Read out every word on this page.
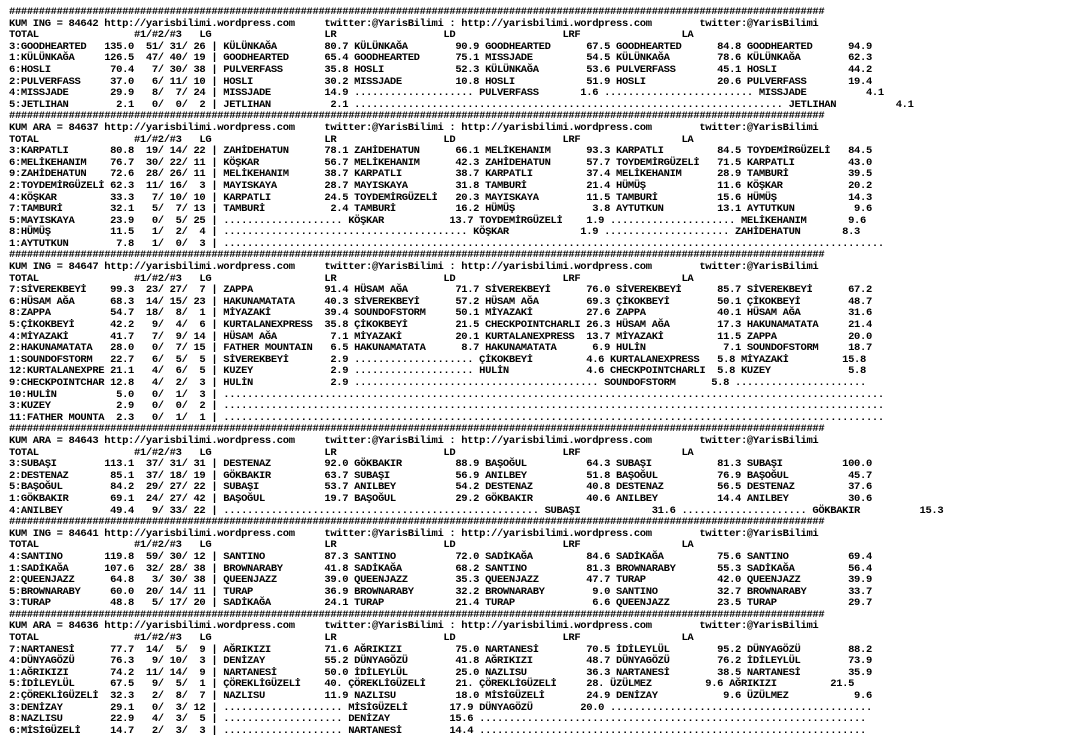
#########################################################################################################################################
KUM ING = 84642 http://yarisbilimi.wordpress.com     twitter:@YarisBilimi : http://yarisbilimi.wordpress.com        twitter:@YarisBilimi
TOTAL                #1/#2/#3   LG                   LR                  LD                  LRF                 LA
3:GOODHEARTED   135.0  51/ 31/ 26 | KÜLÜNKAĞA        80.7 KÜLÜNKAĞA        90.9 GOODHEARTED      67.5 GOODHEARTED      84.8 GOODHEARTED      94.9
1:KÜLÜNKAĞA     126.5  47/ 40/ 19 | GOODHEARTED      65.4 GOODHEARTED      75.1 MISSJADE         54.5 KÜLÜNKAĞA        78.6 KÜLÜNKAĞA        62.3
6:HOSLI          70.4   7/ 30/ 38 | PULVERFASS       35.8 HOSLI            52.3 KÜLÜNKAĞA        53.6 PULVERFASS       45.1 HOSLI            44.2
2:PULVERFASS     37.0   6/ 11/ 10 | HOSLI            30.2 MISSJADE         10.8 HOSLI            51.9 HOSLI            20.6 PULVERFASS       19.4
4:MISSJADE       29.9   8/  7/ 24 | MISSJADE         14.9 .................... PULVERFASS       1.6 ......................... MISSJADE          4.1
5:JETLIHAN        2.1   0/  0/  2 | JETLIHAN          2.1 ........................................................................ JETLIHAN          4.1
#########################################################################################################################################
KUM ARA = 84637 http://yarisbilimi.wordpress.com     twitter:@YarisBilimi : http://yarisbilimi.wordpress.com        twitter:@YarisBilimi
TOTAL                #1/#2/#3   LG                   LR                  LD                  LRF                 LA
3:KARPATLI       80.8  19/ 14/ 22 | ZAHİDEHATUN      78.1 ZAHİDEHATUN      66.1 MELİKEHANIM      93.3 KARPATLI         84.5 TOYDEMİRGÜZELİ   84.5
6:MELİKEHANIM    76.7  30/ 22/ 11 | KÖŞKAR           56.7 MELİKEHANIM      42.3 ZAHİDEHATUN      57.7 TOYDEMİRGÜZELİ   71.5 KARPATLI         43.0
9:ZAHİDEHATUN    72.6  28/ 26/ 11 | MELİKEHANIM      38.7 KARPATLI         38.7 KARPATLI         37.4 MELİKEHANIM      28.9 TAMBURİ          39.5
2:TOYDEMİRGÜZELİ 62.3  11/ 16/  3 | MAYISKAYA        28.7 MAYISKAYA        31.8 TAMBURİ          21.4 HÜMÜŞ            11.6 KÖŞKAR           20.2
4:KÖŞKAR         33.3   7/ 10/ 10 | KARPATLI         24.5 TOYDEMİRGÜZELİ   20.3 MAYISKAYA        11.5 TAMBURİ          15.6 HÜMÜŞ            14.3
7:TAMBURİ        32.1   5/  7/ 13 | TAMBURİ           2.4 TAMBURİ          16.2 HÜMÜŞ             3.8 AYTUTKUN         13.1 AYTUTKUN          9.6
5:MAYISKAYA      23.9   0/  5/ 25 | .................... KÖŞKAR           13.7 TOYDEMİRGÜZELİ    1.9 ..................... MELİKEHANIM       9.6
8:HÜMÜŞ          11.5   1/  2/  4 | ......................................... KÖŞKAR            1.9 ..................... ZAHİDEHATUN       8.3
1:AYTUTKUN        7.8   1/  0/  3 | ...............................................................................................................
#########################################################################################################################################
KUM ING = 84647 http://yarisbilimi.wordpress.com     twitter:@YarisBilimi : http://yarisbilimi.wordpress.com        twitter:@YarisBilimi
TOTAL                #1/#2/#3   LG                   LR                  LD                  LRF                 LA
7:SİVEREKBEYİ    99.3  23/ 27/  7 | ZAPPA            91.4 HÜSAM AĞA        71.7 SİVEREKBEYİ      76.0 SİVEREKBEYİ      85.7 SİVEREKBEYİ      67.2
6:HÜSAM AĞA      68.3  14/ 15/ 23 | HAKUNAMATATA     40.3 SİVEREKBEYİ      57.2 HÜSAM AĞA        69.3 ÇİKOKBEYİ        50.1 ÇİKOKBEYİ        48.7
8:ZAPPA          54.7  18/  8/  1 | MİYAZAKİ         39.4 SOUNDOFSTORM     50.1 MİYAZAKİ         27.6 ZAPPA            40.1 HÜSAM AĞA        31.6
5:ÇİKOKBEYİ      42.2   9/  4/  6 | KURTALANEXPRESS  35.8 ÇİKOKBEYİ        21.5 CHECKPOINTCHARLI 26.3 HÜSAM AĞA        17.3 HAKUNAMATATA     21.4
4:MİYAZAKİ       41.7   7/  9/ 14 | HÜSAM AĞA         7.1 MİYAZAKİ         20.1 KURTALANEXPRESS  13.7 MİYAZAKİ         11.5 ZAPPA            20.0
2:HAKUNAMATATA   28.0   0/  7/ 15 | FATHER MOUNTAIN   6.5 HAKUNAMATATA      8.7 HAKUNAMATATA      6.9 HULİN             7.1 SOUNDOFSTORM     18.7
1:SOUNDOFSTORM   22.7   6/  5/  5 | SİVEREKBEYİ       2.9 .................... ÇİKOKBEYİ         4.6 KURTALANEXPRESS   5.8 MİYAZAKİ         15.8
12:KURTALANEXPRE 21.1   4/  6/  5 | KUZEY             2.9 .................... HULİN             4.6 CHECKPOINTCHARLI  5.8 KUZEY             5.8
9:CHECKPOINTCHAR 12.8   4/  2/  3 | HULİN             2.9 ......................................... SOUNDOFSTORM      5.8 ......................
10:HULİN          5.0   0/  1/  3 | ...............................................................................................................
3:KUZEY           2.9   0/  0/  2 | ...............................................................................................................
11:FATHER MOUNTA  2.3   0/  1/  1 | ...............................................................................................................
#########################################################################################################################################
KUM ARA = 84643 http://yarisbilimi.wordpress.com     twitter:@YarisBilimi : http://yarisbilimi.wordpress.com        twitter:@YarisBilimi
TOTAL                #1/#2/#3   LG                   LR                  LD                  LRF                 LA
3:SUBAŞI        113.1  37/ 31/ 31 | DESTENAZ         92.0 GÖKBAKIR         88.9 BAŞOĞUL          64.3 SUBAŞI           81.3 SUBAŞI          100.0
2:DESTENAZ       85.1  37/ 18/ 19 | GÖKBAKIR         63.7 SUBAŞI           56.9 ANILBEY          51.8 BAŞOĞUL          76.9 BAŞOĞUL          45.7
5:BAŞOĞUL        84.2  29/ 27/ 22 | SUBAŞI           53.7 ANILBEY          54.2 DESTENAZ         40.8 DESTENAZ         56.5 DESTENAZ         37.6
1:GÖKBAKIR       69.1  24/ 27/ 42 | BAŞOĞUL          19.7 BAŞOĞUL          29.2 GÖKBAKIR         40.6 ANILBEY          14.4 ANILBEY          30.6
4:ANILBEY        49.4   9/ 33/ 22 | ..................................................... SUBAŞI            31.6 ..................... GÖKBAKIR          15.3
#########################################################################################################################################
KUM ING = 84641 http://yarisbilimi.wordpress.com     twitter:@YarisBilimi : http://yarisbilimi.wordpress.com        twitter:@YarisBilimi
TOTAL                #1/#2/#3   LG                   LR                  LD                  LRF                 LA
4:SANTINO       119.8  59/ 30/ 12 | SANTINO          87.3 SANTINO          72.0 SADİKAĞA         84.6 SADİKAĞA         75.6 SANTINO          69.4
1:SADİKAĞA      107.6  32/ 28/ 38 | BROWNARABY       41.8 SADİKAĞA         68.2 SANTINO          81.3 BROWNARABY       55.3 SADİKAĞA         56.4
2:QUEENJAZZ      64.8   3/ 30/ 38 | QUEENJAZZ        39.0 QUEENJAZZ        35.3 QUEENJAZZ        47.7 TURAP            42.0 QUEENJAZZ        39.9
5:BROWNARABY     60.0  20/ 14/ 11 | TURAP            36.9 BROWNARABY       32.2 BROWNARABY        9.0 SANTINO          32.7 BROWNARABY       33.7
3:TURAP          48.8   5/ 17/ 20 | SADİKAĞA         24.1 TURAP            21.4 TURAP             6.6 QUEENJAZZ        23.5 TURAP            29.7
#########################################################################################################################################
KUM ARA = 84636 http://yarisbilimi.wordpress.com     twitter:@YarisBilimi : http://yarisbilimi.wordpress.com        twitter:@YarisBilimi
TOTAL                #1/#2/#3   LG                   LR                  LD                  LRF                 LA
7:NARTANESİ      77.7  14/  5/  9 | AĞRIKIZI         71.6 AĞRIKIZI         75.0 NARTANESİ        70.5 İDİLEYLÜL        95.2 DÜNYAGÖZÜ        88.2
4:DÜNYAGÖZÜ      76.3   9/ 10/  3 | DENİZAY          55.2 DÜNYAGÖZÜ        41.8 AĞRIKIZI         48.7 DÜNYAGÖZÜ        76.2 İDİLEYLÜL        73.9
1:AĞRIKIZI       74.2  11/ 14/  9 | NARTANESİ        50.0 İDİLEYLÜL        25.0 NAZLISU          36.3 NARTANESİ        38.5 NARTANESİ        35.9
5:İDİLEYLÜL      67.5   9/  5/  1 | ÇÖREKLİGÜZELİ    40. ÇÖREKLİGÜZELİ     21. ÇÖREKLİGÜZELİ     28. ÜZÜLMEZ         9.6 AĞRIKIZI         21.5
2:ÇÖREKLİGÜZELİ  32.3   2/  8/  7 | NAZLISU          11.9 NAZLISU          18.0 MİSİGÜZELİ       24.9 DENİZAY           9.6 ÜZÜLMEZ           9.6
3:DENİZAY        29.1   0/  3/ 12 | .................... MİSİGÜZELİ       17.9 DÜNYAGÖZÜ        20.0 ............................................
8:NAZLISU        22.9   4/  3/  5 | .................... DENİZAY          15.6 .................................................................
6:MİSİGÜZELİ     14.7   2/  3/  3 | .................... NARTANESİ        14.4 .................................................................
